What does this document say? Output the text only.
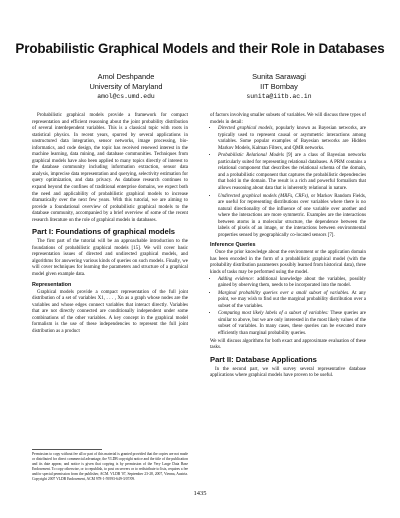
Probabilistic Graphical Models and their Role in Databases
Amol Deshpande
University of Maryland
amol@cs.umd.edu
Sunita Sarawagi
IIT Bombay
sunita@iitb.ac.in

Probabilistic graphical models provide a framework for compact representation and efficient reasoning about the joint probability distribution of several interdependent variables. This is a classical topic with roots in statistical physics. In recent years, spurred by several applications in unstructured data integration, sensor networks, image processing, bio-informatics, and code design, the topic has received renewed interest in the machine learning, data mining, and database communities. Techniques from graphical models have also been applied to many topics directly of interest to the database community including information extraction, sensor data analysis, imprecise data representation and querying, selectivity estimation for query optimization, and data privacy. As database research continues to expand beyond the confines of traditional enterprise domains, we expect both the need and applicability of probabilistic graphical models to increase dramatically over the next few years. With this tutorial, we are aiming to provide a foundational overview of probabilistic graphical models to the database community, accompanied by a brief overview of some of the recent research literature on the role of graphical models in databases.

Part I: Foundations of graphical models

The first part of the tutorial will be an approachable introduction to the foundations of probabilistic graphical models [15]. We will cover basic representation issues of directed and undirected graphical models, and algorithms for answering various kinds of queries on such models. Finally, we will cover techniques for learning the parameters and structure of a graphical model given example data.

Representation

Graphical models provide a compact representation of the full joint distribution of a set of variables X1, . . . , Xn as a graph whose nodes are the variables and whose edges connect variables that interact directly. Variables that are not directly connected are conditionally independent under some combinations of the other variables. A key concept in the graphical model formalism is the use of these independencies to represent the full joint distribution as a product

Permission to copy without fee all or part of this material is granted provided that the copies are not made or distributed for direct commercial advantage, the VLDB copyright notice and the title of the publication and its date appear, and notice is given that copying is by permission of the Very Large Data Base Endowment. To copy otherwise, or to republish, to post on servers or to redistribute to lists, requires a fee and/or special permission from the publisher, ACM. VLDB '07, September 23-28, 2007, Vienna, Austria. Copyright 2007 VLDB Endowment, ACM 978-1-59593-649-3/07/09.

of factors involving smaller subsets of variables. We will discuss three types of models in detail:

• Directed graphical models, popularly known as Bayesian networks, are typically used to represent causal or asymmetric interactions among variables. Some popular examples of Bayesian networks are Hidden Markov Models, Kalman Filters, and QMR networks.
• Probabilistic Relational Models [9] are a class of Bayesian networks particularly suited for representing relational databases. A PRM contains a relational component that describes the relational schema of the domain, and a probabilistic component that captures the probabilistic dependencies that hold in the domain. The result is a rich and powerful formalism that allows reasoning about data that is inherently relational in nature.
• Undirected graphical models (MRFs, CRFs), or Markov Random Fields, are useful for representing distributions over variables where there is no natural directionality of the influence of one variable over another and where the interactions are more symmetric. Examples are the interactions between atoms in a molecular structure, the dependence between the labels of pixels of an image, or the interactions between environmental properties sensed by geographically co-located sensors [7].
Inference Queries

Once the prior knowledge about the environment or the application domain has been encoded in the form of a probabilistic graphical model (with the probability distribution parameters possibly learned from historical data), three kinds of tasks may be performed using the model.

• Adding evidence: additional knowledge about the variables, possibly gained by observing them, needs to be incorporated into the model.
• Marginal probability queries over a small subset of variables. At any point, we may wish to find out the marginal probability distribution over a subset of the variables.
• Computing most likely labels of a subset of variables: These queries are similar to above, but we are only interested in the most likely values of the subset of variables. In many cases, these queries can be executed more efficiently than marginal probability queries.

We will discuss algorithms for both exact and approximate evaluation of these tasks.

Part II: Database Applications

In the second part, we will survey several representative database applications where graphical models have proven to be useful.

1435
